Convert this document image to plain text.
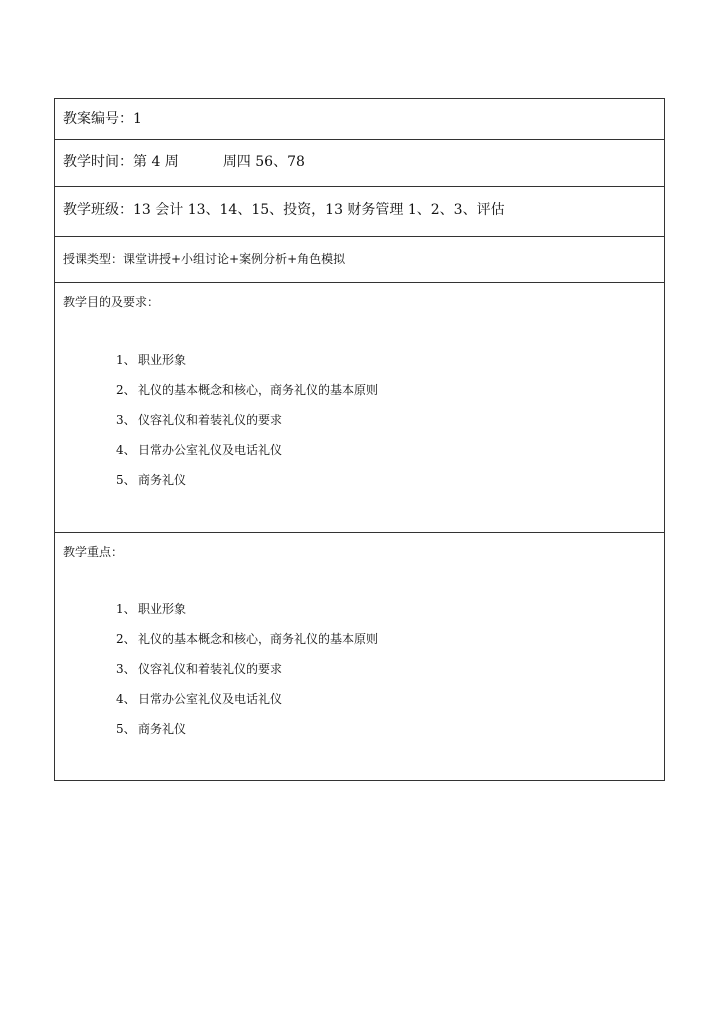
教案编号：1
教学时间：第 4 周	周四 56、78
教学班级：13 会计 13、14、15、投资，13 财务管理 1、2、3、评估
授课类型：课堂讲授+小组讨论+案例分析+角色模拟
教学目的及要求：
1、 职业形象
2、 礼仪的基本概念和核心，商务礼仪的基本原则
3、 仪容礼仪和着装礼仪的要求
4、 日常办公室礼仪及电话礼仪
5、 商务礼仪
教学重点：
1、 职业形象
2、 礼仪的基本概念和核心，商务礼仪的基本原则
3、 仪容礼仪和着装礼仪的要求
4、 日常办公室礼仪及电话礼仪
5、 商务礼仪
